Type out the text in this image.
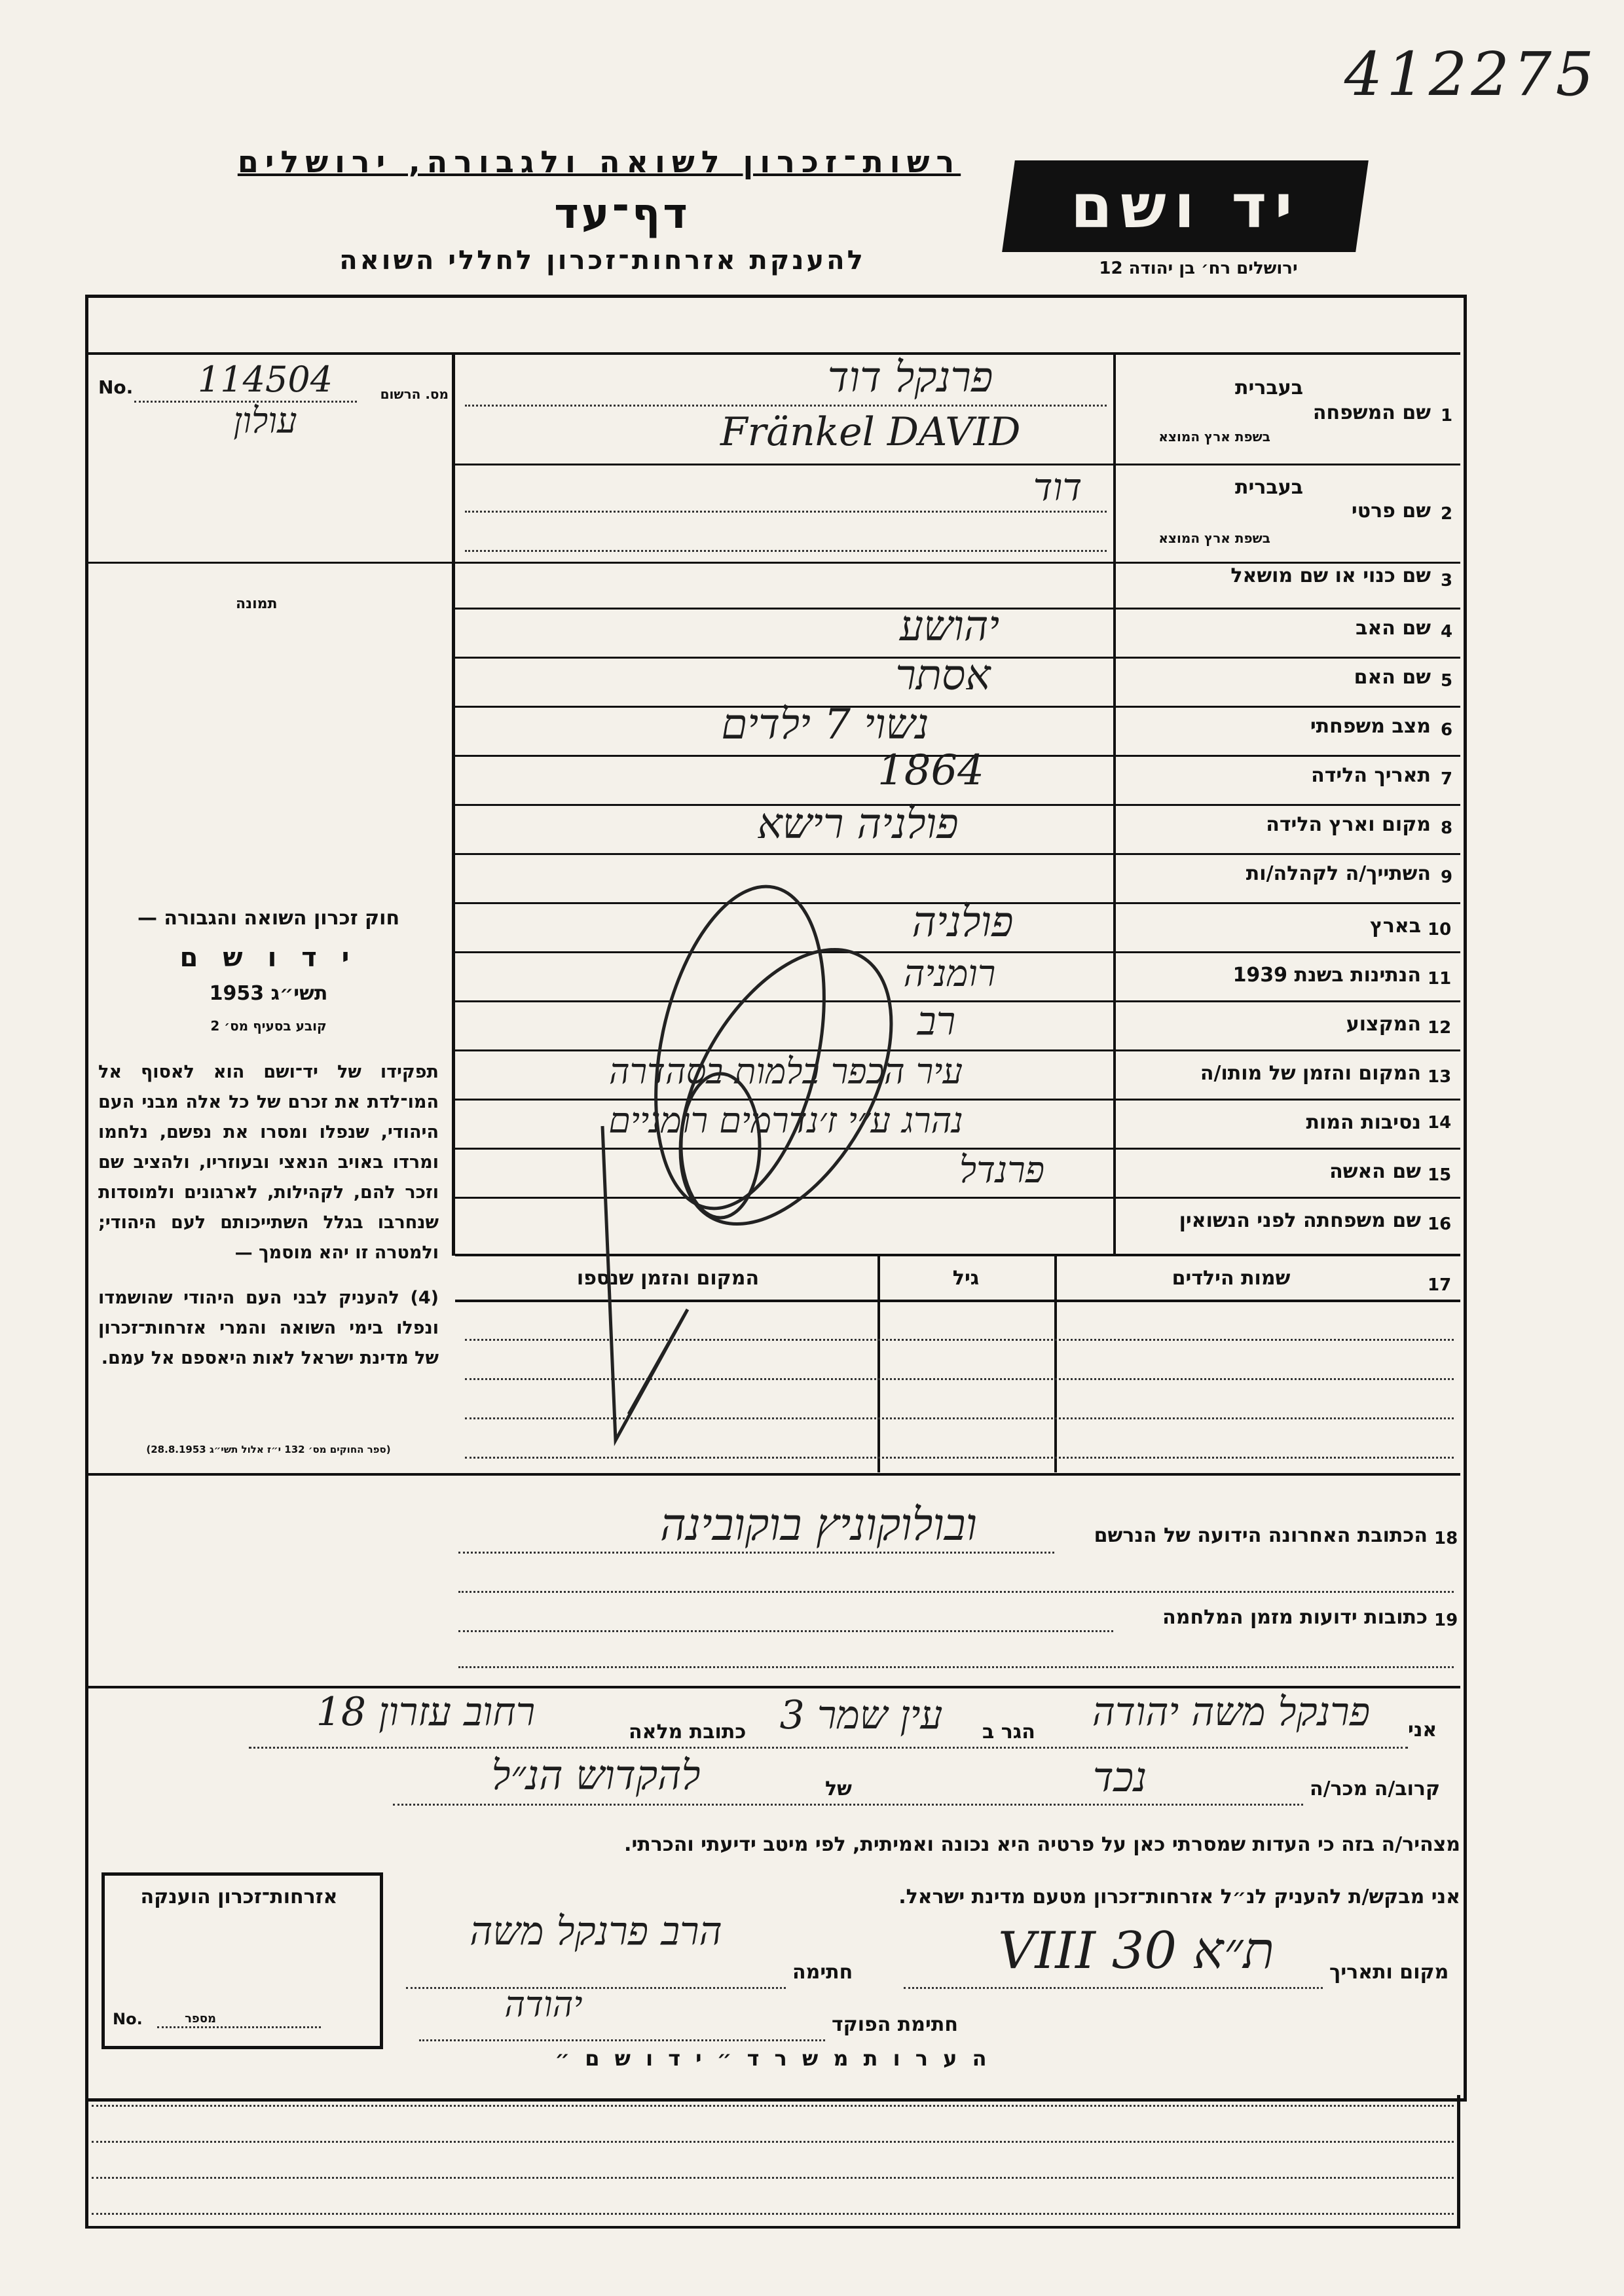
412275
רשות־זכרון לשואה ולגבורה, ירושלים
דף־עד
להענקת אזרחות־זכרון לחללי השואה
יד ושם
ירושלים רח׳ בן יהודה 12
No.	114504 עולון
מס. הרשום
תמונה
חוק זכרון השואה והגבורה —
י ד ו ש ם
תשי״ג 1953
קובע בסעיף מס׳ 2
תפקידו של יד־ושם הוא לאסוף אל המו־לדת את זכרם של כל אלה מבני העם היהודי, שנפלו ומסרו את נפשם, נלחמו ומרדו באויב הנאצי ובעוזריו, ולהציב שם וזכר להם, לקהילות, לארגונים ולמוסדות שנחרבו בגלל השתייכותם לעם היהודי; ולמטרה זו יהא מוסמך —
(4) להעניק לבני העם היהודי שהושמדו ונפלו בימי השואה והמרי אזרחות־זכרון של מדינת ישראל לאות היאספם אל עמם.
(ספר החוקים מס׳ 132 י״ז אלול תשי״ג 28.8.1953)
1
שם המשפחה
בעברית
בשפת ארץ המוצא
פרנקל דוד
Fränkel DAVID
2
שם פרטי
בעברית
בשפת ארץ המוצא
דוד
3
שם כנוי או שם מושאל
4
שם האב
יהושע
5
שם האם
אסתר
6
מצב משפחתי
נשוי 7 ילדים
7
תאריך הלידה
1864
8
מקום וארץ הלידה
פולניה רישא
9
השתייך/ה לקהלה/ות
10
בארץ
פולניה
11
הנתינות בשנת 1939
רומניה
12
המקצוע
רב
13
המקום והזמן של מותו/ה
עיר הכפר בלמות בסהדרה
14
נסיבות המות
נהרג ע״י ז׳נדרמים רומניים
15
שם האשה
פרנדל
16
שם משפחתה לפני הנשואין
17
שמות הילדים
גיל
המקום והזמן שנספו
18
הכתובת האחרונה הידועה של הנרשם
ובולוקוניץ בוקובינה
19
כתובות ידועות מזמן המלחמה
אני
פרנקל משה יהודה
הגר ב
עין שמר 3
כתובת מלאה
רחוב עזרון 18
קרוב/ה מכר/ה
נכד
של
להקדוש הנ״ל
מצהיר/ה בזה כי העדות שמסרתי כאן על פרטיה היא נכונה ואמיתית, לפי מיטב ידיעתי והכרתי.
אני מבקש/ת להעניק לנ״ל אזרחות־זכרון מטעם מדינת ישראל.
מקום ותאריך
ת״א 30 VIII
חתימה
הרב פרנקל משה
חתימת הפוקד
יהודה
אזרחות־זכרון הוענקה
No.	מספר
ה ע ר ו ת מ ש ר ד ״ י ד ו ש ם ״
